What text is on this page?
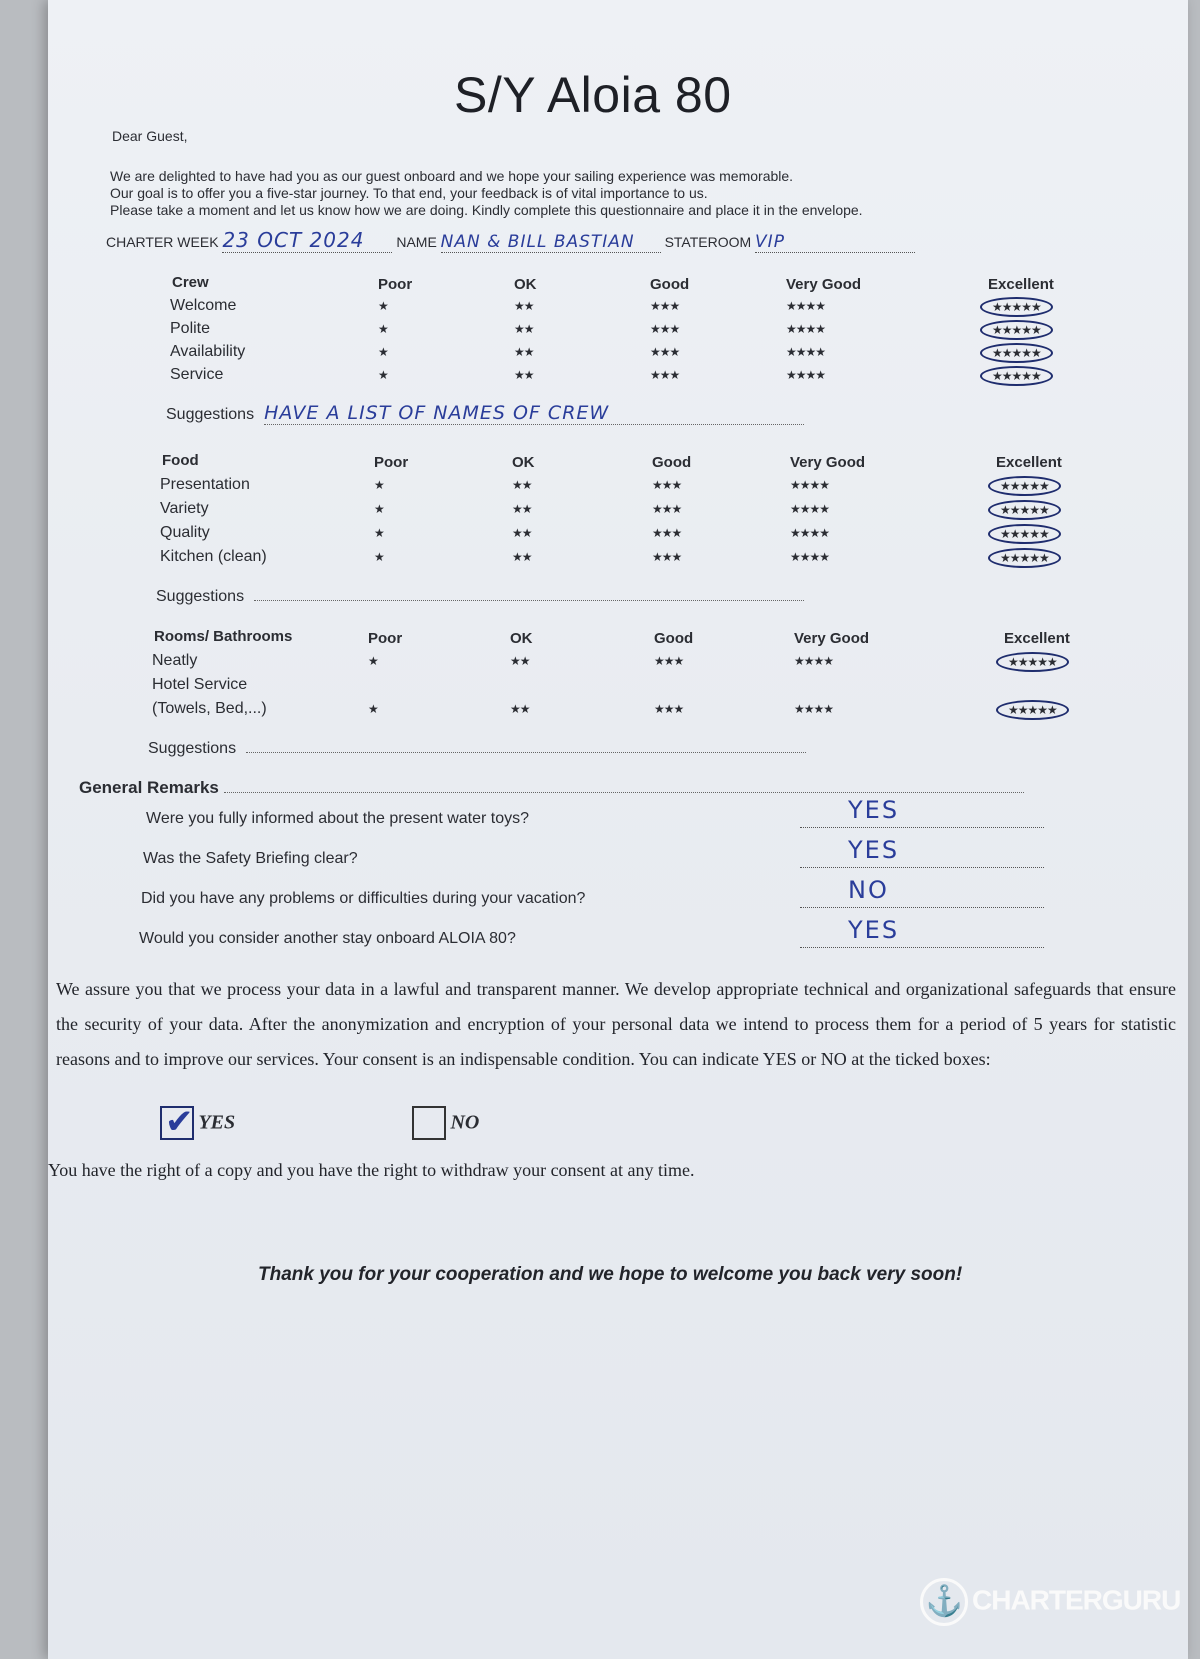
S/Y Aloia 80
Dear Guest,
We are delighted to have had you as our guest onboard and we hope your sailing experience was memorable.
Our goal is to offer you a five-star journey. To that end, your feedback is of vital importance to us.
Please take a moment and let us know how we are doing. Kindly complete this questionnaire and place it in the envelope.
CHARTER WEEK 23 OCT 2024 NAME NAN & BILL BASTIAN STATEROOM VIP
Crew	Poor	OK	Good	Very Good	Excellent
Welcome	★	★★	★★★	★★★★	★★★★★
Polite	★	★★	★★★	★★★★	★★★★★
Availability	★	★★	★★★	★★★★	★★★★★
Service	★	★★	★★★	★★★★	★★★★★
Suggestions HAVE A LIST OF NAMES OF CREW
Food	Poor	OK	Good	Very Good	Excellent
Presentation	★	★★	★★★	★★★★	★★★★★
Variety	★	★★	★★★	★★★★	★★★★★
Quality	★	★★	★★★	★★★★	★★★★★
Kitchen (clean)	★	★★	★★★	★★★★	★★★★★
Suggestions
Rooms/ Bathrooms	Poor	OK	Good	Very Good	Excellent
Neatly	★	★★	★★★	★★★★	★★★★★
Hotel Service
(Towels, Bed,...)	★	★★	★★★	★★★★	★★★★★
Suggestions
General Remarks
Were you fully informed about the present water toys?	YES
Was the Safety Briefing clear?	YES
Did you have any problems or difficulties during your vacation?	NO
Would you consider another stay onboard ALOIA 80?	YES
We assure you that we process your data in a lawful and transparent manner. We develop appropriate technical and organizational safeguards that ensure the security of your data. After the anonymization and encryption of your personal data we intend to process them for a period of 5 years for statistic reasons and to improve our services. Your consent is an indispensable condition. You can indicate YES or NO at the ticked boxes:
✔ YES	NO
You have the right of a copy and you have the right to withdraw your consent at any time.
Thank you for your cooperation and we hope to welcome you back very soon!
⚓ CHARTERGURU
